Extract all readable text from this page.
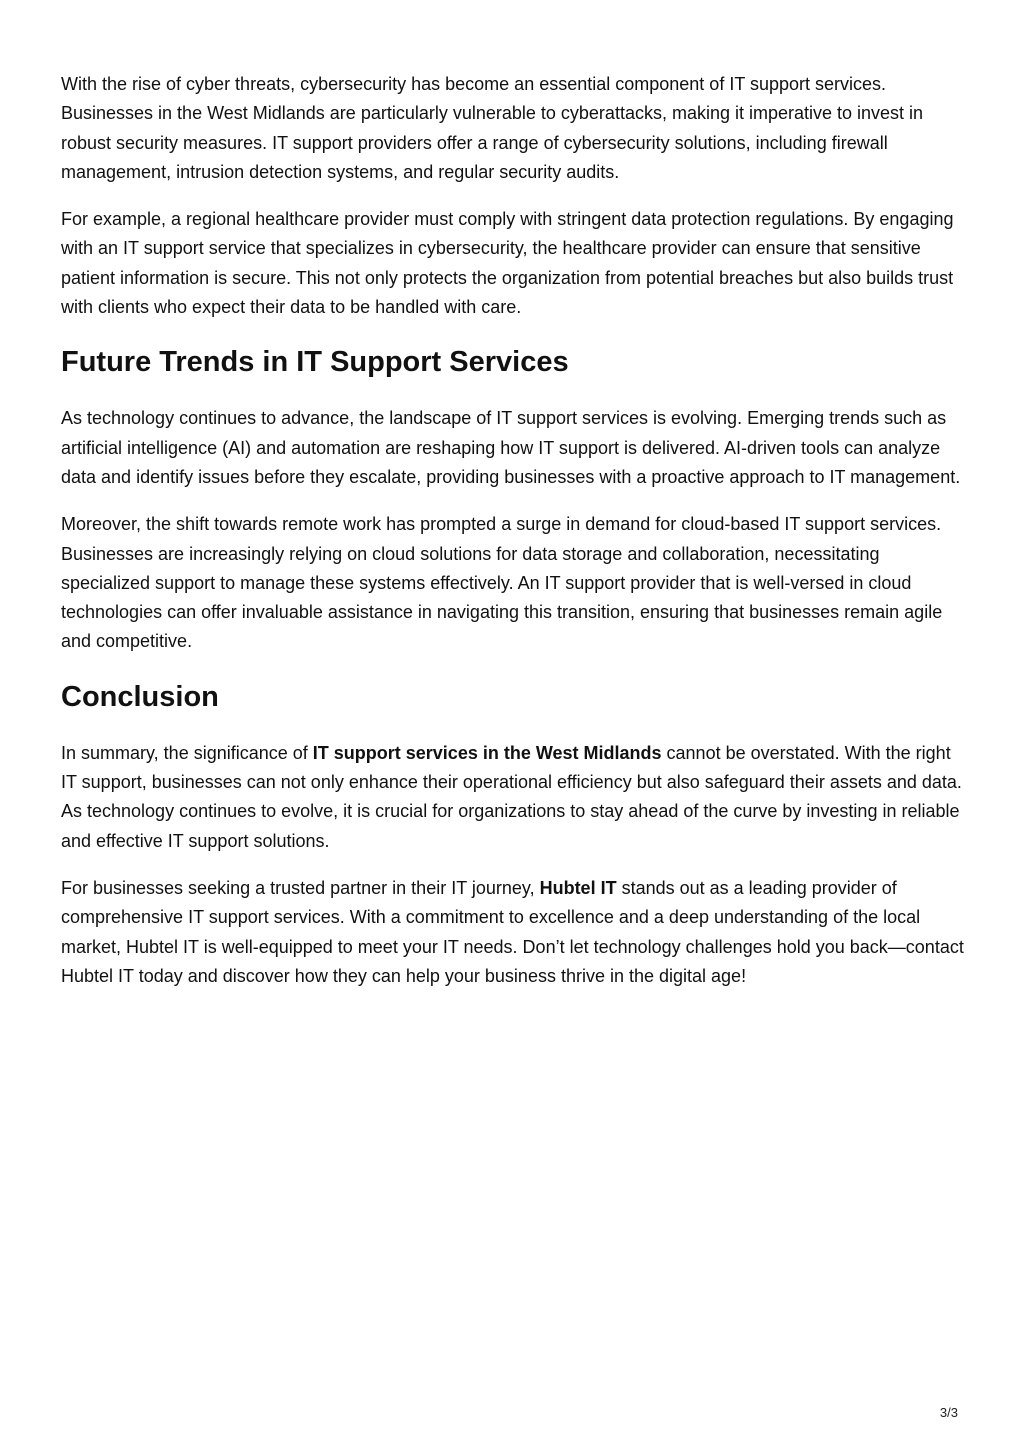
With the rise of cyber threats, cybersecurity has become an essential component of IT support services. Businesses in the West Midlands are particularly vulnerable to cyberattacks, making it imperative to invest in robust security measures. IT support providers offer a range of cybersecurity solutions, including firewall management, intrusion detection systems, and regular security audits.

For example, a regional healthcare provider must comply with stringent data protection regulations. By engaging with an IT support service that specializes in cybersecurity, the healthcare provider can ensure that sensitive patient information is secure. This not only protects the organization from potential breaches but also builds trust with clients who expect their data to be handled with care.

Future Trends in IT Support Services

As technology continues to advance, the landscape of IT support services is evolving. Emerging trends such as artificial intelligence (AI) and automation are reshaping how IT support is delivered. AI-driven tools can analyze data and identify issues before they escalate, providing businesses with a proactive approach to IT management.

Moreover, the shift towards remote work has prompted a surge in demand for cloud-based IT support services. Businesses are increasingly relying on cloud solutions for data storage and collaboration, necessitating specialized support to manage these systems effectively. An IT support provider that is well-versed in cloud technologies can offer invaluable assistance in navigating this transition, ensuring that businesses remain agile and competitive.

Conclusion

In summary, the significance of IT support services in the West Midlands cannot be overstated. With the right IT support, businesses can not only enhance their operational efficiency but also safeguard their assets and data. As technology continues to evolve, it is crucial for organizations to stay ahead of the curve by investing in reliable and effective IT support solutions.

For businesses seeking a trusted partner in their IT journey, Hubtel IT stands out as a leading provider of comprehensive IT support services. With a commitment to excellence and a deep understanding of the local market, Hubtel IT is well-equipped to meet your IT needs. Don’t let technology challenges hold you back—contact Hubtel IT today and discover how they can help your business thrive in the digital age!

3/3
